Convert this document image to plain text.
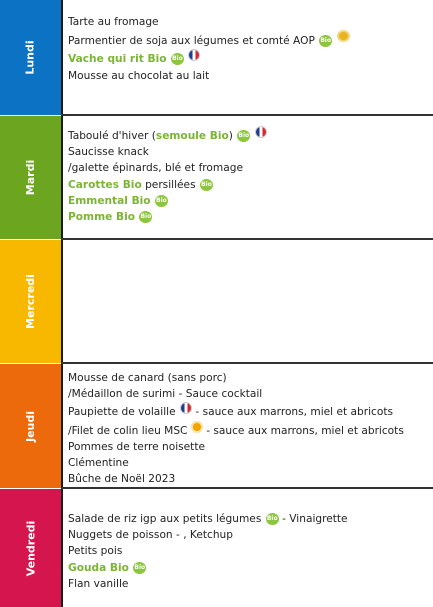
Lundi
Tarte au fromage
Parmentier de soja aux légumes et comté AOP Bio
Vache qui rit Bio Bio
Mousse au chocolat au lait
Mardi
Taboulé d'hiver (semoule Bio) Bio
Saucisse knack
/galette épinards, blé et fromage
Carottes Bio persillées Bio
Emmental Bio Bio
Pomme Bio Bio
Mercredi
Jeudi
Mousse de canard (sans porc)
/Médaillon de surimi - Sauce cocktail
Paupiette de volaille  - sauce aux marrons, miel et abricots
/Filet de colin lieu MSC  - sauce aux marrons, miel et abricots
Pommes de terre noisette
Clémentine
Bûche de Noël 2023
Vendredi
Salade de riz igp aux petits légumes Bio - Vinaigrette
Nuggets de poisson - , Ketchup
Petits pois
Gouda Bio Bio
Flan vanille
